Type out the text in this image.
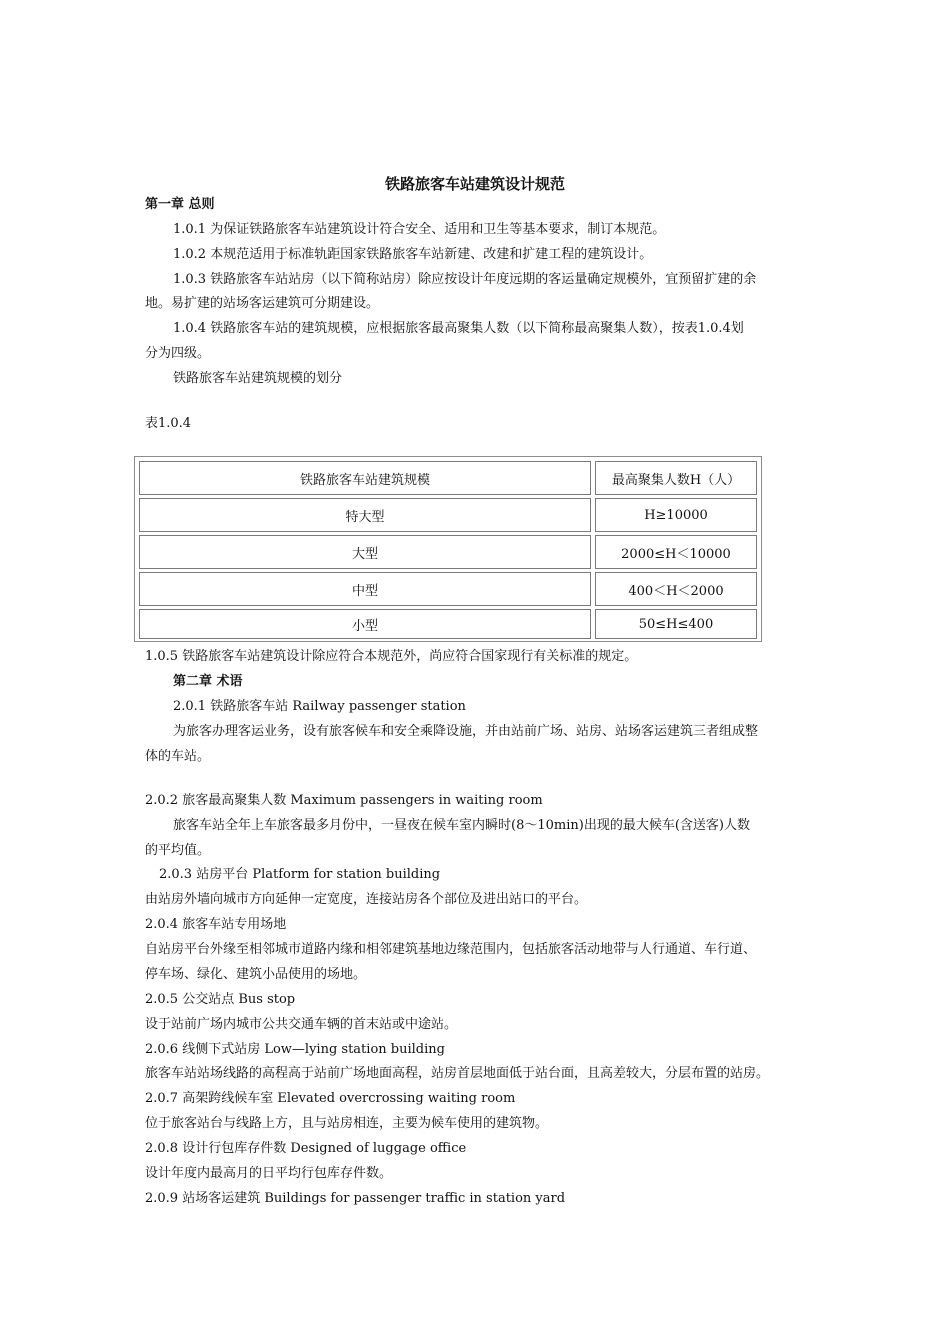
铁路旅客车站建筑设计规范
第一章 总则
1.0.1 为保证铁路旅客车站建筑设计符合安全、适用和卫生等基本要求，制订本规范。
1.0.2 本规范适用于标准轨距国家铁路旅客车站新建、改建和扩建工程的建筑设计。
1.0.3 铁路旅客车站站房（以下简称站房）除应按设计年度远期的客运量确定规模外，宜预留扩建的余
地。易扩建的站场客运建筑可分期建设。
1.0.4 铁路旅客车站的建筑规模，应根据旅客最高聚集人数（以下简称最高聚集人数），按表1.0.4划
分为四级。
铁路旅客车站建筑规模的划分
表1.0.4
铁路旅客车站建筑规模	最高聚集人数H（人）
特大型	H≥10000
大型	2000≤H＜10000
中型	400＜H＜2000
小型	50≤H≤400
1.0.5 铁路旅客车站建筑设计除应符合本规范外，尚应符合国家现行有关标准的规定。
第二章 术语
2.0.1 铁路旅客车站 Railway passenger station
为旅客办理客运业务，设有旅客候车和安全乘降设施，并由站前广场、站房、站场客运建筑三者组成整
体的车站。
2.0.2 旅客最高聚集人数 Maximum passengers in waiting room
旅客车站全年上车旅客最多月份中，一昼夜在候车室内瞬时(8～10min)出现的最大候车(含送客)人数
的平均值。
2.0.3 站房平台 Platform for station building
由站房外墙向城市方向延伸一定宽度，连接站房各个部位及进出站口的平台。
2.0.4 旅客车站专用场地
自站房平台外缘至相邻城市道路内缘和相邻建筑基地边缘范围内，包括旅客活动地带与人行通道、车行道、
停车场、绿化、建筑小品使用的场地。
2.0.5 公交站点 Bus stop
设于站前广场内城市公共交通车辆的首末站或中途站。
2.0.6 线侧下式站房 Low—lying station building
旅客车站站场线路的高程高于站前广场地面高程，站房首层地面低于站台面，且高差较大，分层布置的站房。
2.0.7 高架跨线候车室 Elevated overcrossing waiting room
位于旅客站台与线路上方，且与站房相连，主要为候车使用的建筑物。
2.0.8 设计行包库存件数 Designed of luggage office
设计年度内最高月的日平均行包库存件数。
2.0.9 站场客运建筑 Buildings for passenger traffic in station yard
